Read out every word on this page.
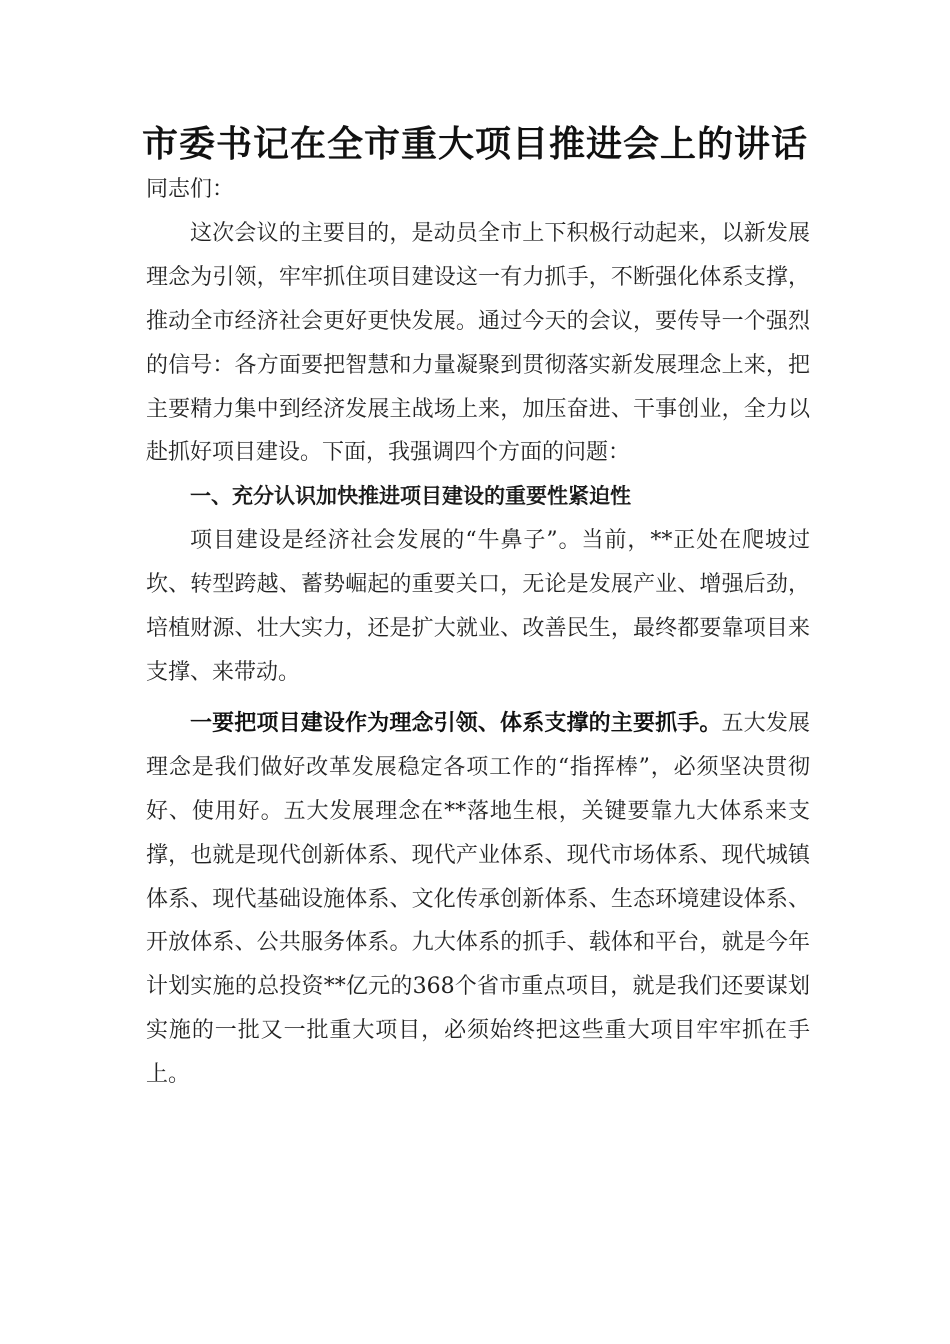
市委书记在全市重大项目推进会上的讲话

同志们：

这次会议的主要目的，是动员全市上下积极行动起来，以新发展理念为引领，牢牢抓住项目建设这一有力抓手，不断强化体系支撑，推动全市经济社会更好更快发展。通过今天的会议，要传导一个强烈的信号：各方面要把智慧和力量凝聚到贯彻落实新发展理念上来，把主要精力集中到经济发展主战场上来，加压奋进、干事创业，全力以赴抓好项目建设。下面，我强调四个方面的问题：

一、充分认识加快推进项目建设的重要性紧迫性

项目建设是经济社会发展的“牛鼻子”。当前，**正处在爬坡过坎、转型跨越、蓄势崛起的重要关口，无论是发展产业、增强后劲，培植财源、壮大实力，还是扩大就业、改善民生，最终都要靠项目来支撑、来带动。

一要把项目建设作为理念引领、体系支撑的主要抓手。五大发展理念是我们做好改革发展稳定各项工作的“指挥棒”，必须坚决贯彻好、使用好。五大发展理念在**落地生根，关键要靠九大体系来支撑，也就是现代创新体系、现代产业体系、现代市场体系、现代城镇体系、现代基础设施体系、文化传承创新体系、生态环境建设体系、开放体系、公共服务体系。九大体系的抓手、载体和平台，就是今年计划实施的总投资**亿元的368个省市重点项目，就是我们还要谋划实施的一批又一批重大项目，必须始终把这些重大项目牢牢抓在手上。
